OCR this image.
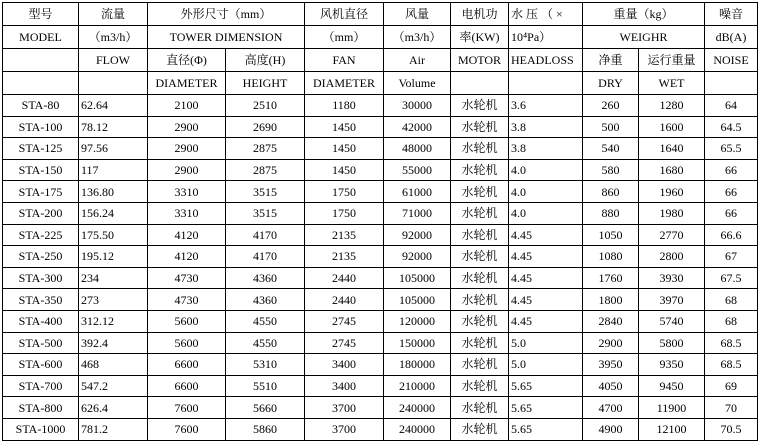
型号	流量	外形尺寸（mm）		风机直径	风量	电机功	水 压 （ ×	重量（kg）		噪音
MODEL	（m3/h）	TOWER DIMENSION		（mm）	（m3/h）	率(KW)	10⁴Pa）	WEIGHR		dB(A)
	FLOW	直径(Φ)	高度(H)	FAN	Air	MOTOR	HEADLOSS	净重	运行重量	NOISE
		DIAMETER	HEIGHT	DIAMETER	Volume			DRY	WET	
STA-80	62.64	2100	2510	1180	30000	水轮机	3.6	260	1280	64
STA-100	78.12	2900	2690	1450	42000	水轮机	3.8	500	1600	64.5
STA-125	97.56	2900	2875	1450	48000	水轮机	3.8	540	1640	65.5
STA-150	117	2900	2875	1450	55000	水轮机	4.0	580	1680	66
STA-175	136.80	3310	3515	1750	61000	水轮机	4.0	860	1960	66
STA-200	156.24	3310	3515	1750	71000	水轮机	4.0	880	1980	66
STA-225	175.50	4120	4170	2135	92000	水轮机	4.45	1050	2770	66.6
STA-250	195.12	4120	4170	2135	92000	水轮机	4.45	1080	2800	67
STA-300	234	4730	4360	2440	105000	水轮机	4.45	1760	3930	67.5
STA-350	273	4730	4360	2440	105000	水轮机	4.45	1800	3970	68
STA-400	312.12	5600	4550	2745	120000	水轮机	4.45	2840	5740	68
STA-500	392.4	5600	4550	2745	150000	水轮机	5.0	2900	5800	68.5
STA-600	468	6600	5310	3400	180000	水轮机	5.0	3950	9350	68.5
STA-700	547.2	6600	5510	3400	210000	水轮机	5.65	4050	9450	69
STA-800	626.4	7600	5660	3700	240000	水轮机	5.65	4700	11900	70
STA-1000	781.2	7600	5860	3700	240000	水轮机	5.65	4900	12100	70.5
